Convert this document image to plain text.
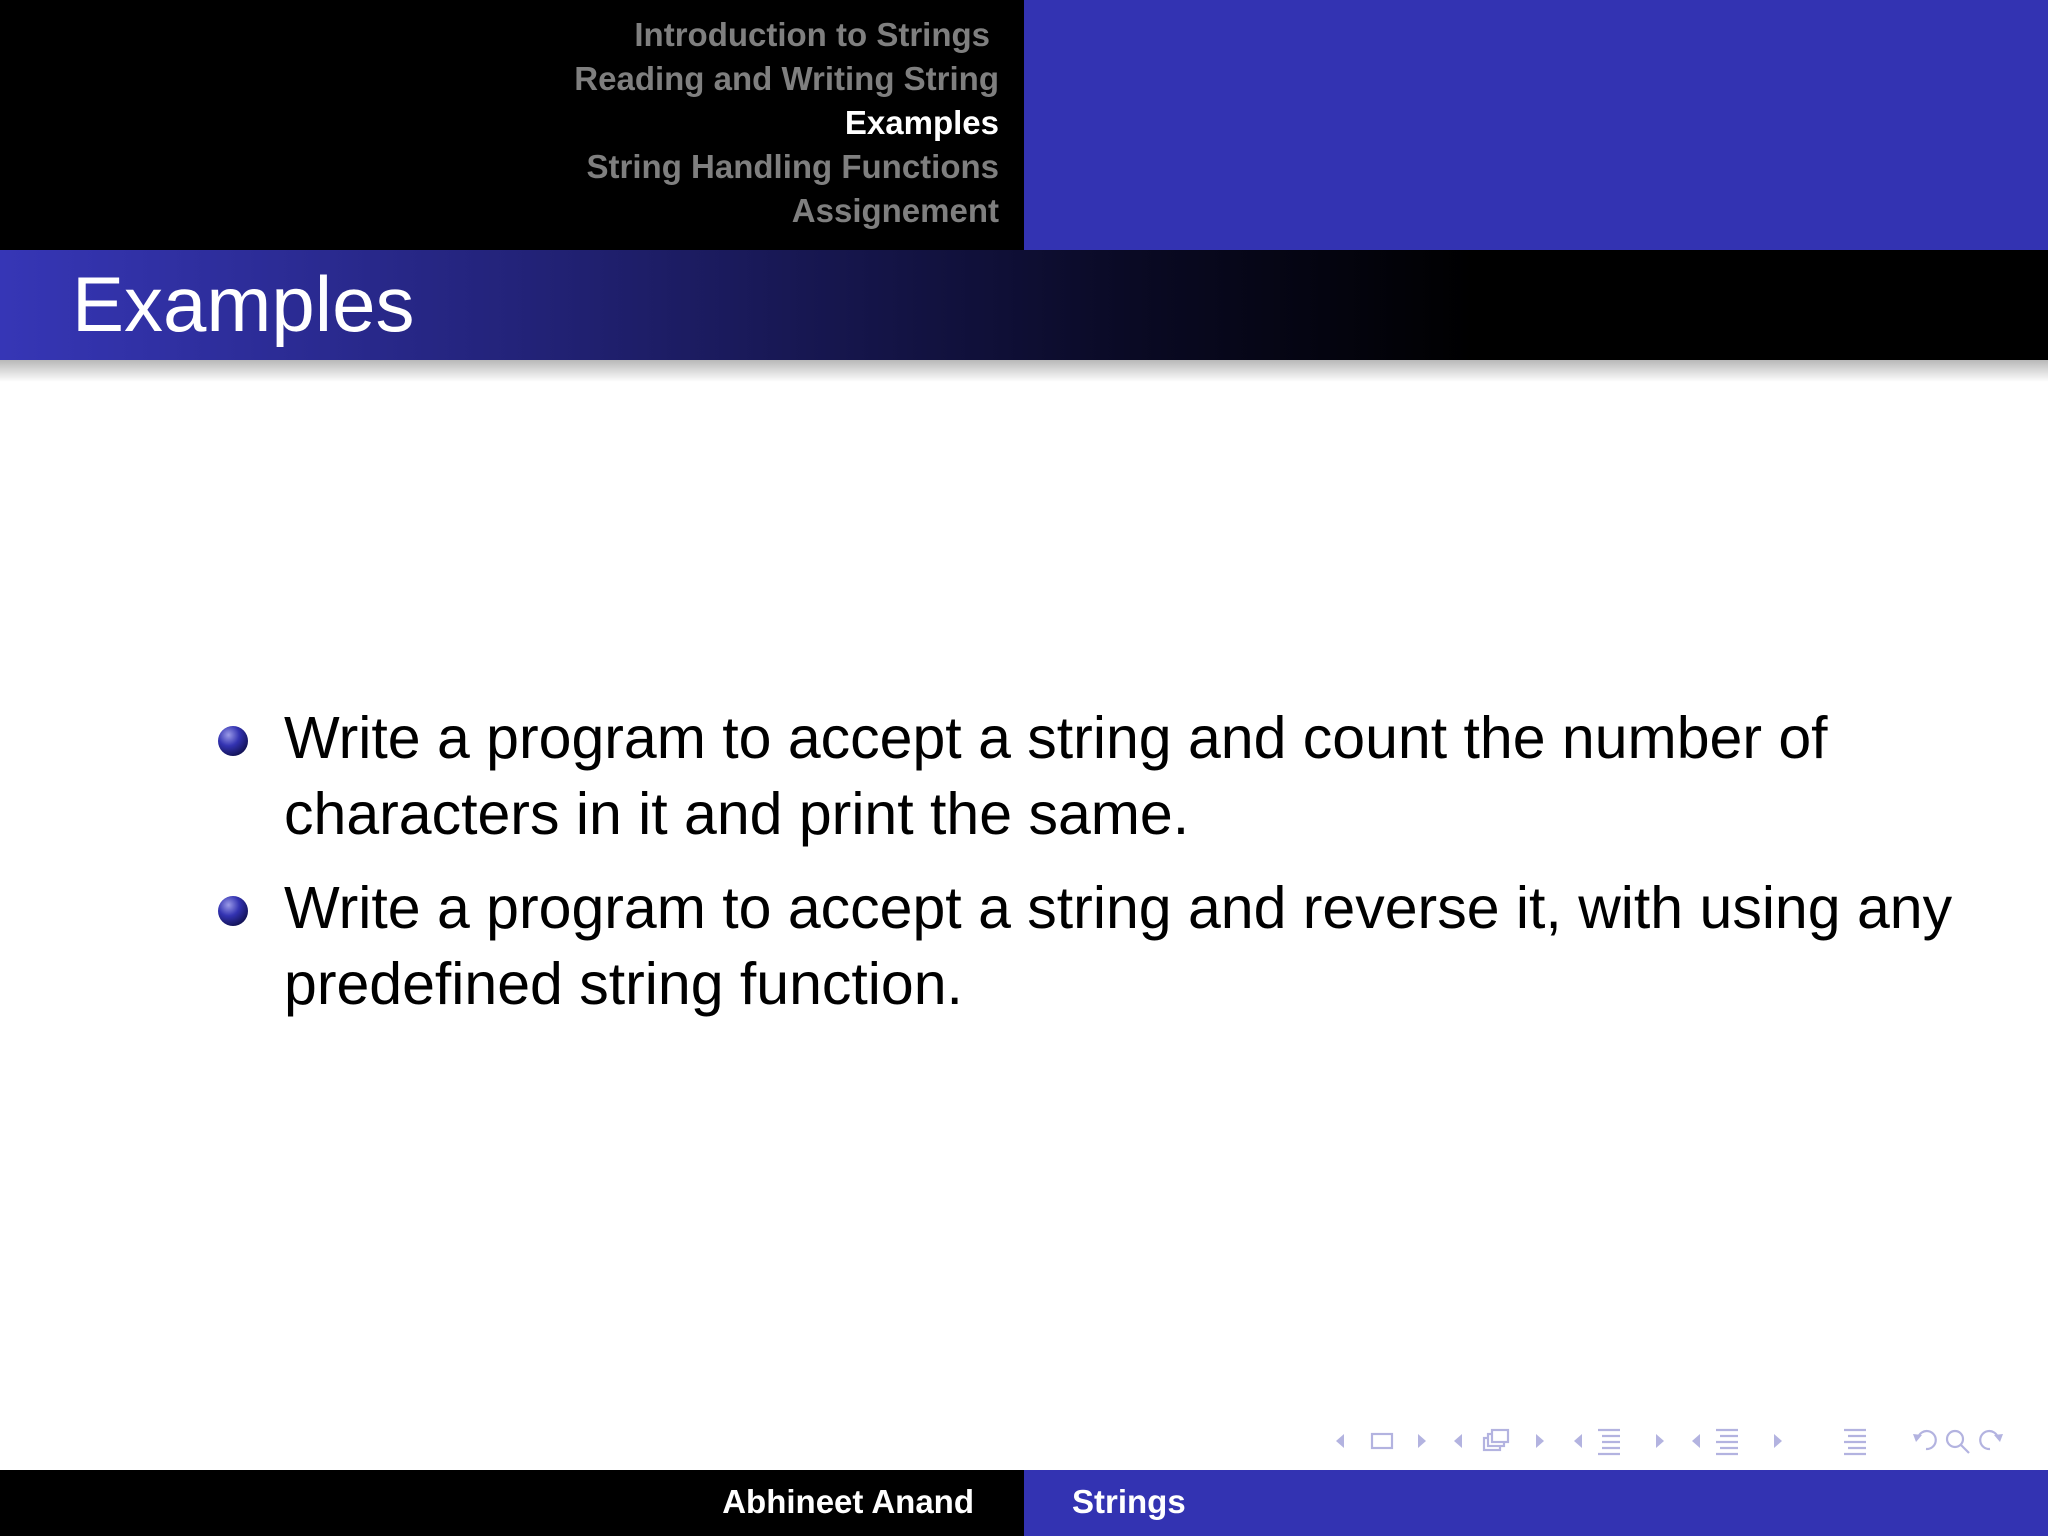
Introduction to Strings
Reading and Writing String
Examples
String Handling Functions
Assignement
Examples
Write a program to accept a string and count the number of characters in it and print the same.
Write a program to accept a string and reverse it, with using any predefined string function.
Abhineet Anand	Strings
